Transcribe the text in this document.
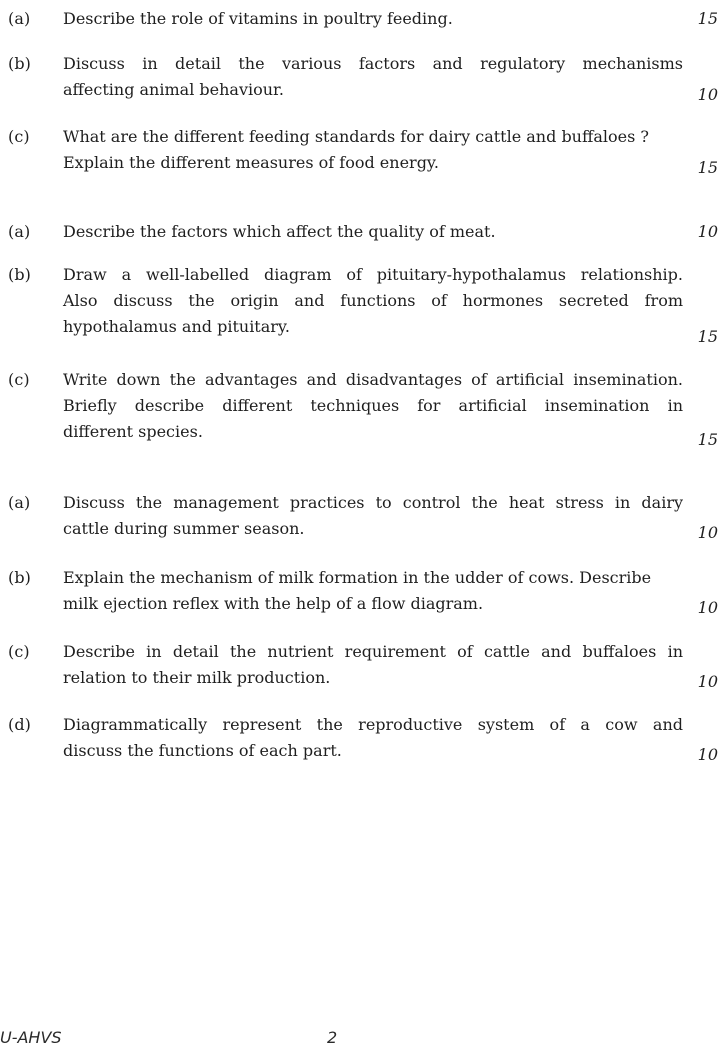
(a) Describe the role of vitamins in poultry feeding.	15
(b) Discuss in detail the various factors and regulatory mechanisms
affecting animal behaviour.	10
(c) What are the different feeding standards for dairy cattle and buffaloes ?
Explain the different measures of food energy.	15
(a) Describe the factors which affect the quality of meat.	10
(b) Draw a well-labelled diagram of pituitary-hypothalamus relationship.
Also discuss the origin and functions of hormones secreted from
hypothalamus and pituitary.
15
(c) Write down the advantages and disadvantages of artificial insemination.
Briefly describe different techniques for artificial insemination in
different species.	15
(a) Discuss the management practices to control the heat stress in dairy
cattle during summer season.	10
(b) Explain the mechanism of milk formation in the udder of cows. Describe
milk ejection reflex with the help of a flow diagram.	10
(c) Describe in detail the nutrient requirement of cattle and buffaloes in
relation to their milk production.	10
(d) Diagrammatically represent the reproductive system of a cow and
discuss the functions of each part.	10
U-AHVS	2
